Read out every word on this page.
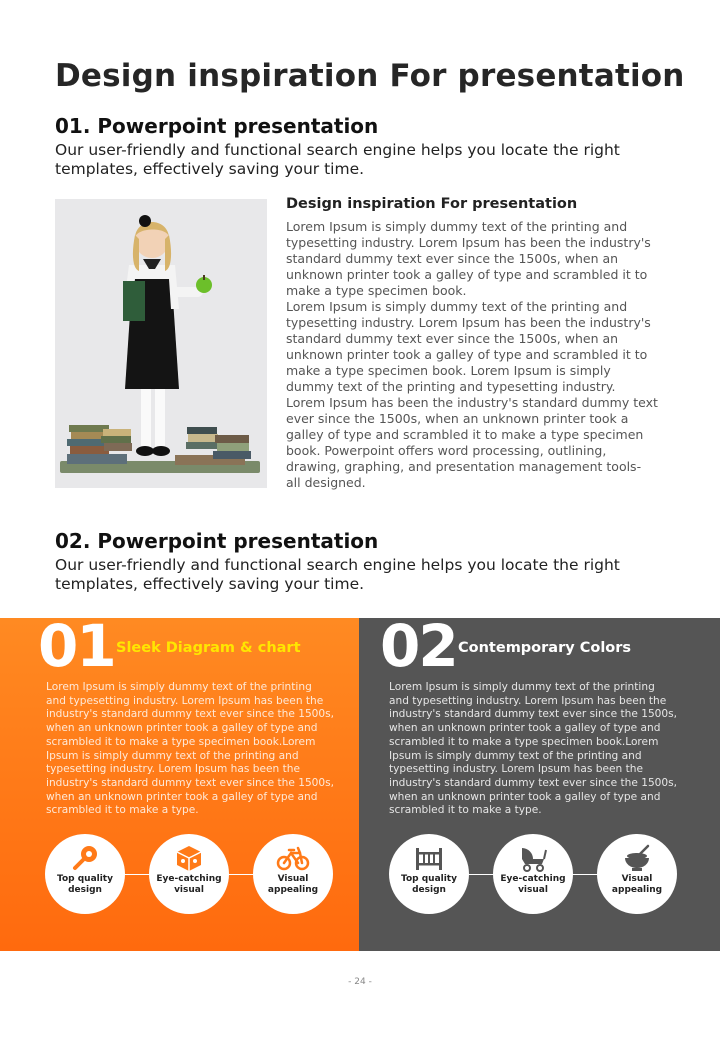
Design inspiration For presentation
01. Powerpoint presentation
Our user-friendly and functional search engine helps you locate the right
templates, effectively saving your time.
Design inspiration For presentation
Lorem Ipsum is simply dummy text of the printing and
typesetting industry. Lorem Ipsum has been the industry's
standard dummy text ever since the 1500s, when an
unknown printer took a galley of type and scrambled it to
make a type specimen book.
Lorem Ipsum is simply dummy text of the printing and
typesetting industry. Lorem Ipsum has been the industry's
standard dummy text ever since the 1500s, when an
unknown printer took a galley of type and scrambled it to
make a type specimen book. Lorem Ipsum is simply
dummy text of the printing and typesetting industry.
Lorem Ipsum has been the industry's standard dummy text
ever since the 1500s, when an unknown printer took a
galley of type and scrambled it to make a type specimen
book. Powerpoint offers word processing, outlining,
drawing, graphing, and presentation management tools-
all designed.
02. Powerpoint presentation
Our user-friendly and functional search engine helps you locate the right
templates, effectively saving your time.
01 Sleek Diagram & chart
Lorem Ipsum is simply dummy text of the printing
and typesetting industry. Lorem Ipsum has been the
industry's standard dummy text ever since the 1500s,
when an unknown printer took a galley of type and
scrambled it to make a type specimen book.Lorem
Ipsum is simply dummy text of the printing and
typesetting industry. Lorem Ipsum has been the
industry's standard dummy text ever since the 1500s,
when an unknown printer took a galley of type and
scrambled it to make a type.
Top quality
design
Eye-catching
visual
Visual
appealing
02 Contemporary Colors
Lorem Ipsum is simply dummy text of the printing
and typesetting industry. Lorem Ipsum has been the
industry's standard dummy text ever since the 1500s,
when an unknown printer took a galley of type and
scrambled it to make a type specimen book.Lorem
Ipsum is simply dummy text of the printing and
typesetting industry. Lorem Ipsum has been the
industry's standard dummy text ever since the 1500s,
when an unknown printer took a galley of type and
scrambled it to make a type.
Top quality
design
Eye-catching
visual
Visual
appealing
- 24 -
